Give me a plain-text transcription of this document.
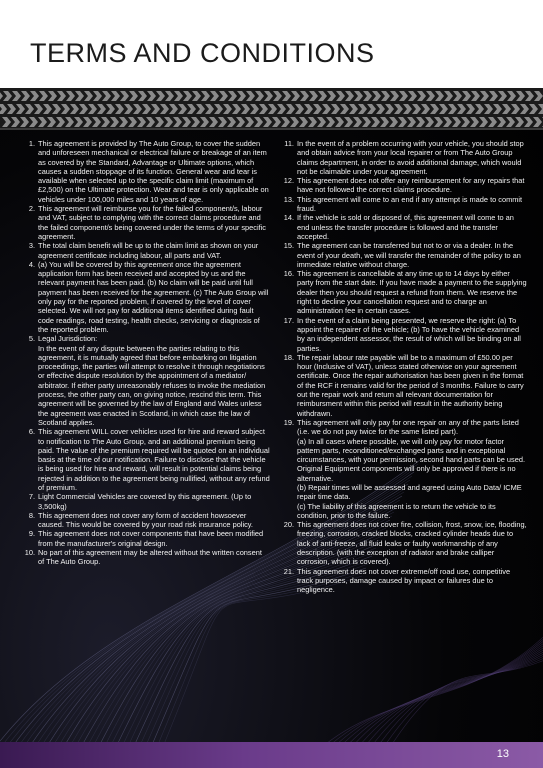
TERMS AND CONDITIONS
1. This agreement is provided by The Auto Group, to cover the sudden and unforeseen mechanical or electrical failure or breakage of an item as covered by the Standard, Advantage or Ultimate options, which causes a sudden stoppage of its function. General wear and tear is available when selected up to the specific claim limit (maximum of £2,500) on the Ultimate protection. Wear and tear is only applicable on vehicles under 100,000 miles and 10 years of age.
2. This agreement will reimburse you for the failed component/s, labour and VAT, subject to complying with the correct claims procedure and the failed component/s being covered under the terms of your specific agreement.
3. The total claim benefit will be up to the claim limit as shown on your agreement certificate including labour, all parts and VAT.
4. (a) You will be covered by this agreement once the agreement application form has been received and accepted by us and the relevant payment has been paid. (b) No claim will be paid until full payment has been received for the agreement. (c) The Auto Group will only pay for the reported problem, if covered by the level of cover selected. We will not pay for additional items identified during fault code readings, road testing, health checks, servicing or diagnosis of the reported problem.
5. Legal Jurisdiction:
In the event of any dispute between the parties relating to this agreement, it is mutually agreed that before embarking on litigation proceedings, the parties will attempt to resolve it through negotiations or effective dispute resolution by the appointment of a mediator/ arbitrator. If either party unreasonably refuses to invoke the mediation process, the other party can, on giving notice, rescind this term. This agreement will be governed by the law of England and Wales unless the agreement was enacted in Scotland, in which case the law of Scotland applies.
6. This agreement WILL cover vehicles used for hire and reward subject to notification to The Auto Group, and an additional premium being paid. The value of the premium required will be quoted on an individual basis at the time of our notification. Failure to disclose that the vehicle is being used for hire and reward, will result in potential claims being rejected in addition to the agreement being nullified, without any refund of premium.
7. Light Commercial Vehicles are covered by this agreement. (Up to 3,500kg)
8. This agreement does not cover any form of accident howsoever caused. This would be covered by your road risk insurance policy.
9. This agreement does not cover components that have been modified from the manufacturer's original design.
10. No part of this agreement may be altered without the written consent of The Auto Group.
11. In the event of a problem occurring with your vehicle, you should stop and obtain advice from your local repairer or from The Auto Group claims department, in order to avoid additional damage, which would not be claimable under your agreement.
12. This agreement does not offer any reimbursement for any repairs that have not followed the correct claims procedure.
13. This agreement will come to an end if any attempt is made to commit fraud.
14. If the vehicle is sold or disposed of, this agreement will come to an end unless the transfer procedure is followed and the transfer accepted.
15. The agreement can be transferred but not to or via a dealer. In the event of your death, we will transfer the remainder of the policy to an immediate relative without charge.
16. This agreement is cancellable at any time up to 14 days by either party from the start date. If you have made a payment to the supplying dealer then you should request a refund from them. We reserve the right to decline your cancellation request and to charge an administration fee in certain cases.
17. In the event of a claim being presented, we reserve the right: (a) To appoint the repairer of the vehicle; (b) To have the vehicle examined by an independent assessor, the result of which will be binding on all parties.
18. The repair labour rate payable will be to a maximum of £50.00 per hour (Inclusive of VAT), unless stated otherwise on your agreement certificate. Once the repair authorisation has been given in the format of the RCF it remains valid for the period of 3 months. Failure to carry out the repair work and return all relevant documentation for reimbursment within this period will result in the authority being withdrawn.
19. This agreement will only pay for one repair on any of the parts listed (i.e. we do not pay twice for the same listed part).
(a) In all cases where possible, we will only pay for motor factor pattern parts, reconditioned/exchanged parts and in exceptional circumstances, with your permission, second hand parts can be used. Original Equipment components will only be approved if there is no alternative.
(b) Repair times will be assessed and agreed using Auto Data/ ICME repair time data.
(c) The liability of this agreement is to return the vehicle to its condition, prior to the failure.
20. This agreement does not cover fire, collision, frost, snow, ice, flooding, freezing, corrosion, cracked blocks, cracked cylinder heads due to lack of anti-freeze, all fluid leaks or faulty workmanship of any description. (with the exception of radiator and brake calliper corrosion, which is covered).
21. This agreement does not cover extreme/off road use, competitive track purposes, damage caused by impact or failures due to negligence.
13
